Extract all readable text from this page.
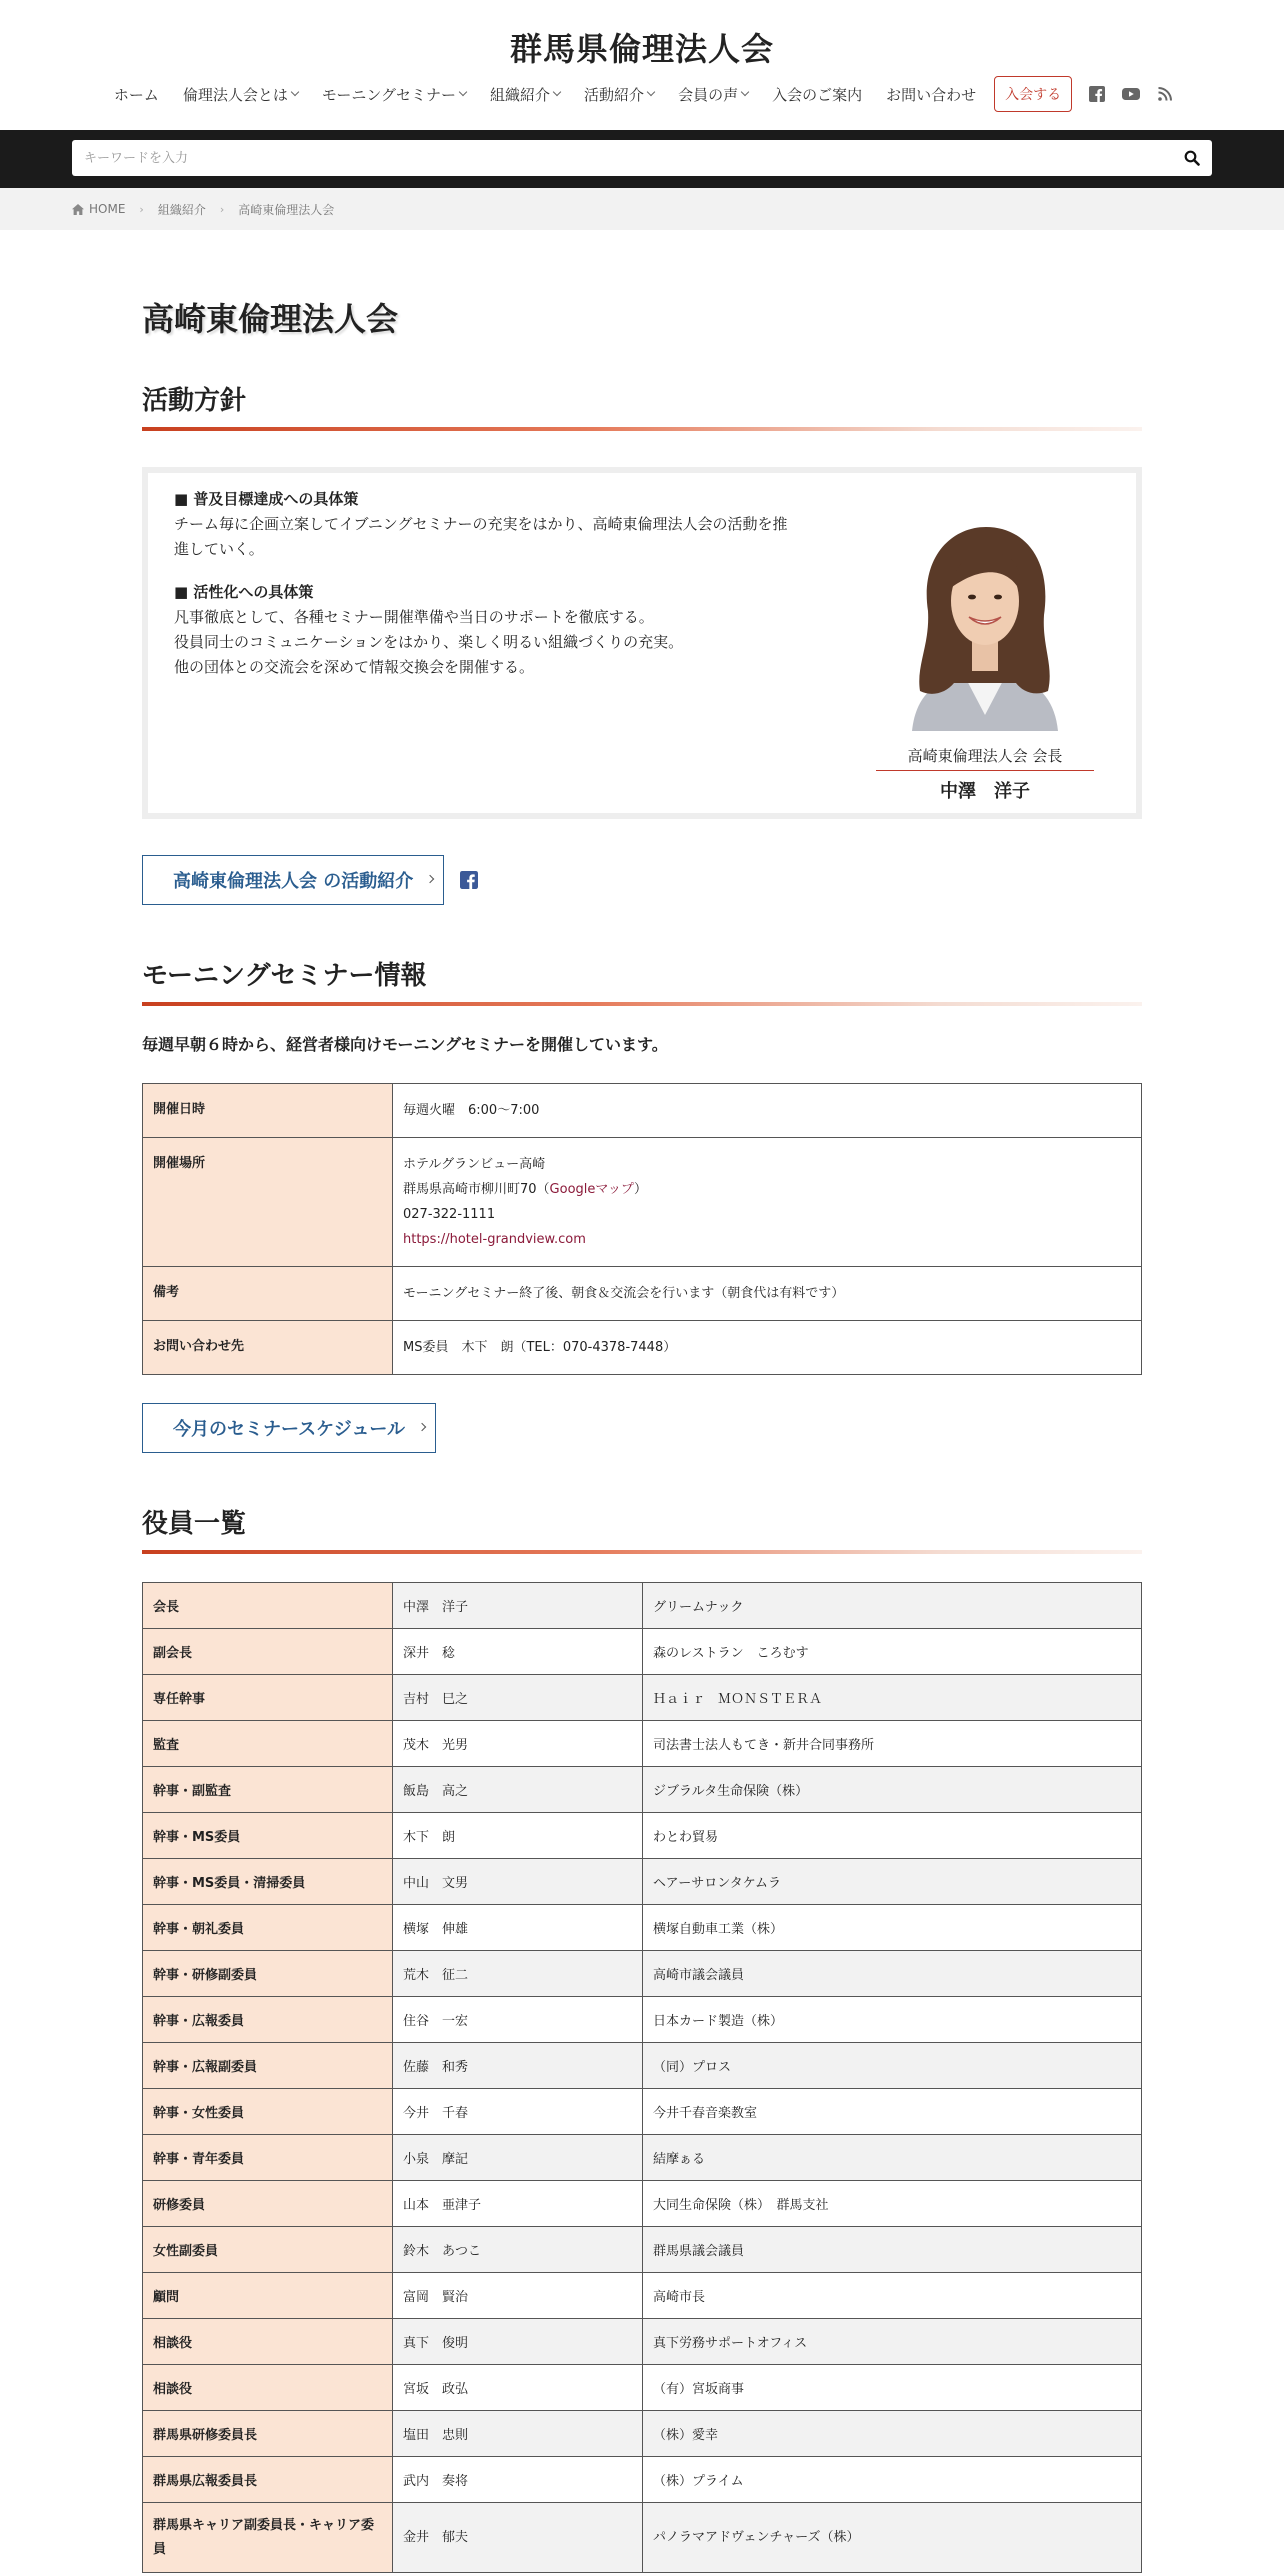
群馬県倫理法人会
ホーム 倫理法人会とは モーニングセミナー 組織紹介 活動紹介 会員の声 入会のご案内 お問い合わせ	入会する
キーワードを入力
HOME › 組織紹介 › 高崎東倫理法人会
高崎東倫理法人会
活動方針
■ 普及目標達成への具体策
チーム毎に企画立案してイブニングセミナーの充実をはかり、高崎東倫理法人会の活動を推
進していく。
■ 活性化への具体策
凡事徹底として、各種セミナー開催準備や当日のサポートを徹底する。
役員同士のコミュニケーションをはかり、楽しく明るい組織づくりの充実。
他の団体との交流会を深めて情報交換会を開催する。
高崎東倫理法人会 会長
中澤　洋子
高崎東倫理法人会 の活動紹介
モーニングセミナー情報

毎週早朝６時から、経営者様向けモーニングセミナーを開催しています。

開催日時	毎週火曜　6:00～7:00
開催場所	ホテルグランビュー高崎
群馬県高崎市柳川町70（Googleマップ）
027-322-1111
https://hotel-grandview.com

備考	モーニングセミナー終了後、朝食＆交流会を行います（朝食代は有料です）
お問い合わせ先	MS委員　木下　朗（TEL：070-4378-7448）
今月のセミナースケジュール
役員一覧
会長	中澤　洋子	グリームナック
副会長	深井　稔	森のレストラン　ころむす
専任幹事	吉村　巳之	Ｈａｉｒ　ＭＯＮＳＴＥＲＡ
監査	茂木　光男	司法書士法人もてき・新井合同事務所
幹事・副監査	飯島　高之	ジブラルタ生命保険（株）
幹事・MS委員	木下　朗	わとわ貿易
幹事・MS委員・清掃委員	中山　文男	ヘアーサロンタケムラ
幹事・朝礼委員	横塚　伸雄	横塚自動車工業（株）
幹事・研修副委員	荒木　征二	高崎市議会議員
幹事・広報委員	住谷　一宏	日本カード製造（株）
幹事・広報副委員	佐藤　和秀	（同）プロス
幹事・女性委員	今井　千春	今井千春音楽教室
幹事・青年委員	小泉　摩記	結摩ぁる
研修委員	山本　亜津子	大同生命保険（株）　群馬支社
女性副委員	鈴木　あつこ	群馬県議会議員
顧問	富岡　賢治	高崎市長
相談役	真下　俊明	真下労務サポートオフィス
相談役	宮坂　政弘	（有）宮坂商事
群馬県研修委員長	塩田　忠則	（株）愛幸
群馬県広報委員長	武内　奏将	（株）プライム
群馬県キャリア副委員長・キャリア委員	金井　郁夫	パノラマアドヴェンチャーズ（株）
